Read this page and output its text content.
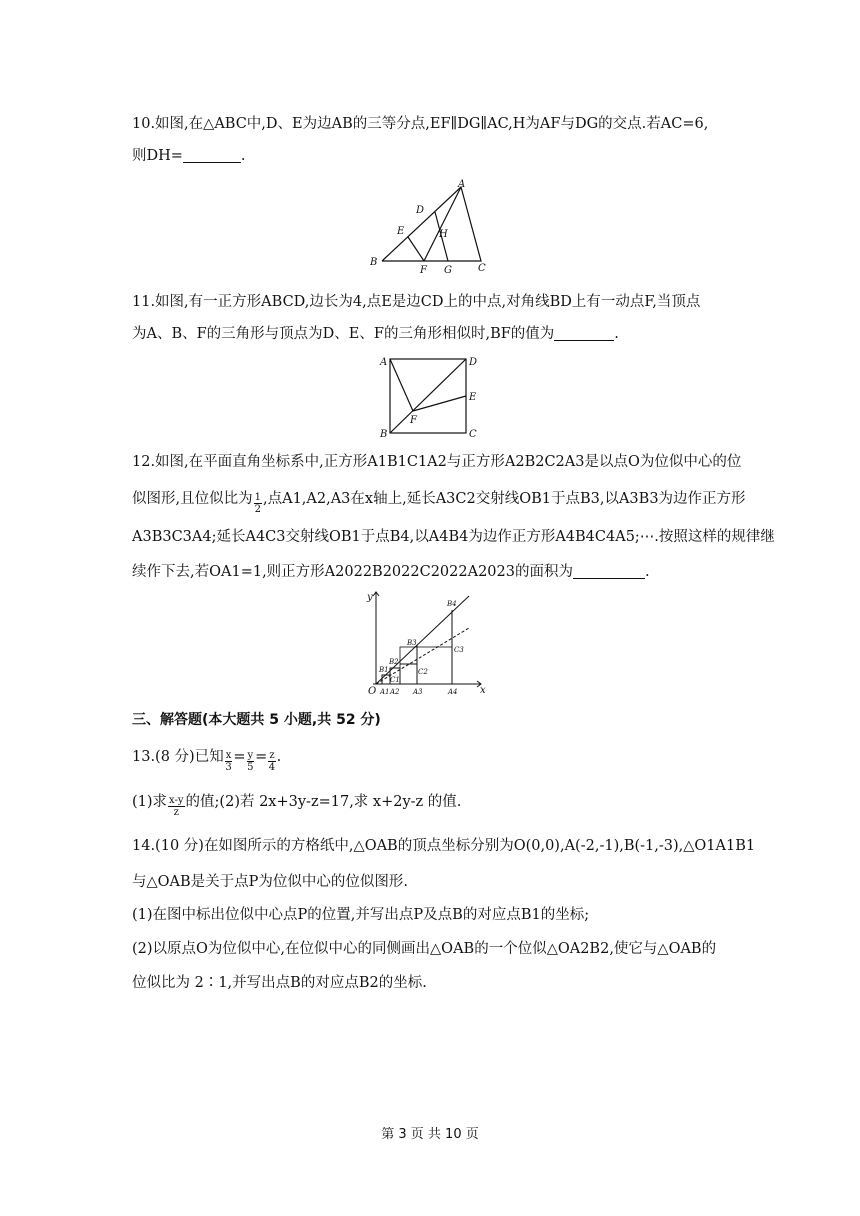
10.如图,在△ABC中,D、E为边AB的三等分点,EF∥DG∥AC,H为AF与DG的交点.若AC=6,
则DH=	.
A
B
C
D
E
F G
H
11.如图,有一正方形ABCD,边长为4,点E是边CD上的中点,对角线BD上有一动点F,当顶点
为A、B、F的三角形与顶点为D、E、F的三角形相似时,BF的值为	.
A	D
E
F
B	C
12.如图,在平面直角坐标系中,正方形A1B1C1A2与正方形A2B2C2A3是以点O为位似中心的位
似图形,且位似比为 $\frac{1}{2}$ ,点A1,A2,A3在x轴上,延长A3C2交射线OB1于点B3,以A3B3为边作正方形
A3B3C3A4;延长A4C3交射线OB1于点B4,以A4B4为边作正方形A4B4C4A5;⋯.按照这样的规律继
续作下去,若OA1=1,则正方形A2022B2022C2022A2023的面积为	.
y
x
O A1 A2 A3	A4
B1
B2
B3
B4
C1
C2
C3
三、解答题(本大题共 5 小题,共 52 分)
13.(8 分)已知 $\frac{x}{3} = \frac{y}{5} = \frac{z}{4}$ .
(1)求 $\frac{x-y}{z}$ 的值;(2)若 2x+3y-z=17,求 x+2y-z 的值.
14.(10 分)在如图所示的方格纸中,△OAB的顶点坐标分别为O(0,0),A(-2,-1),B(-1,-3),△O1A1B1
与△OAB是关于点P为位似中心的位似图形.
(1)在图中标出位似中心点P的位置,并写出点P及点B的对应点B1的坐标;
(2)以原点O为位似中心,在位似中心的同侧画出△OAB的一个位似△OA2B2,使它与△OAB的
位似比为 2∶1,并写出点B的对应点B2的坐标.
第 3 页 共 10 页
